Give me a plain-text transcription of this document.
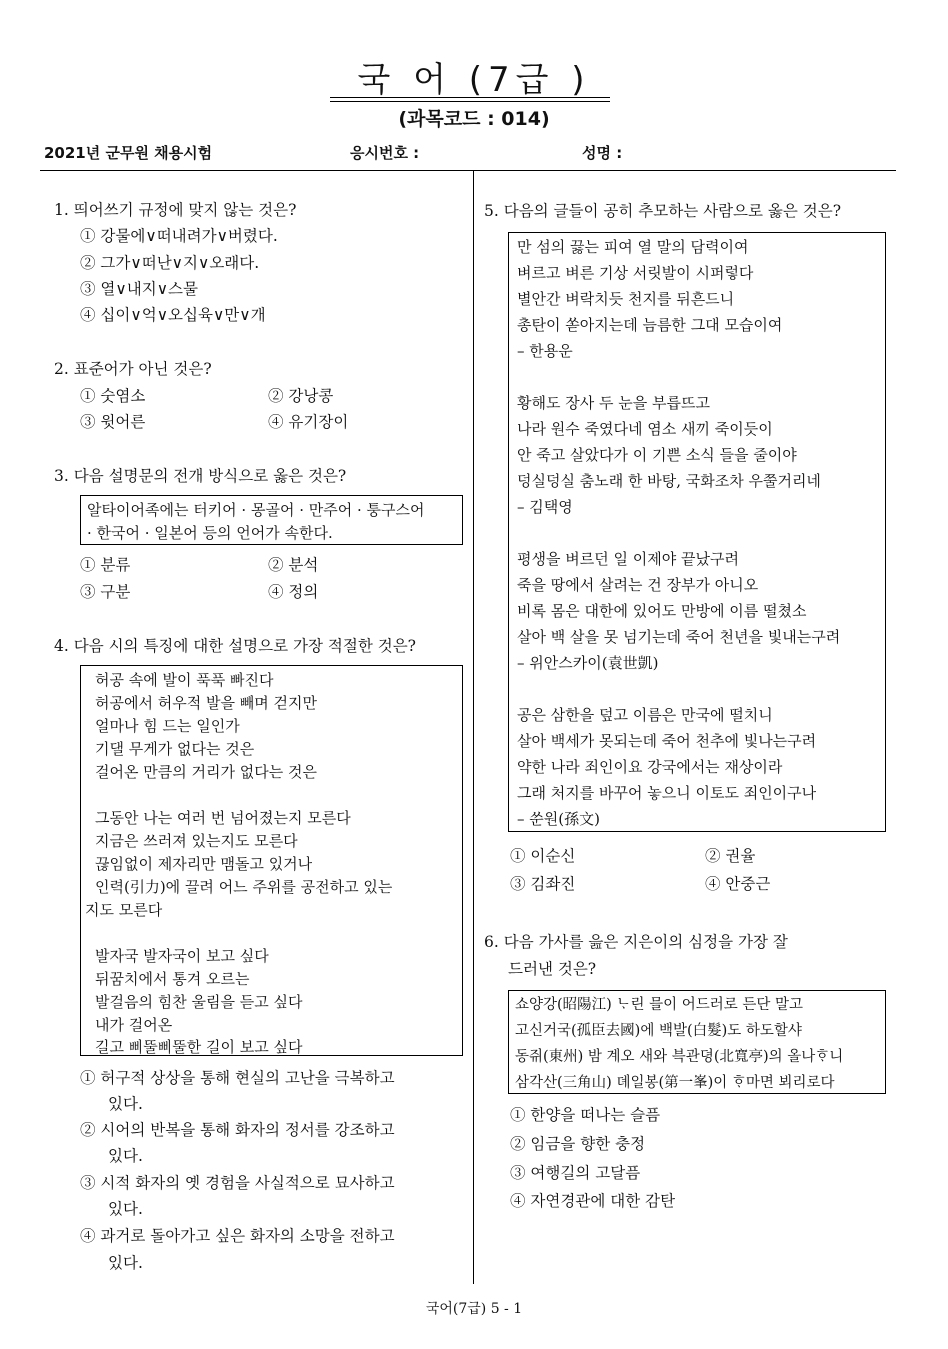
국 어 (7급 )
(과목코드 : 014)
2021년 군무원 채용시험	응시번호 :	성명 :
1. 띄어쓰기 규정에 맞지 않는 것은?
① 강물에∨떠내려가∨버렸다.
② 그가∨떠난∨지∨오래다.
③ 열∨내지∨스물
④ 십이∨억∨오십육∨만∨개
2. 표준어가 아닌 것은?
① 숫염소	② 강낭콩
③ 윗어른	④ 유기장이
3. 다음 설명문의 전개 방식으로 옳은 것은?
알타이어족에는 터키어 · 몽골어 · 만주어 · 퉁구스어
· 한국어 · 일본어 등의 언어가 속한다.
① 분류	② 분석
③ 구분	④ 정의
4. 다음 시의 특징에 대한 설명으로 가장 적절한 것은?
허공 속에 발이 푹푹 빠진다
허공에서 허우적 발을 빼며 걷지만
얼마나 힘 드는 일인가
기댈 무게가 없다는 것은
걸어온 만큼의 거리가 없다는 것은
그동안 나는 여러 번 넘어졌는지 모른다
지금은 쓰러져 있는지도 모른다
끊임없이 제자리만 맴돌고 있거나
인력(引力)에 끌려 어느 주위를 공전하고 있는
지도 모른다
발자국 발자국이 보고 싶다
뒤꿈치에서 통겨 오르는
발걸음의 힘찬 울림을 듣고 싶다
내가 걸어온
길고 삐뚤삐뚤한 길이 보고 싶다
① 허구적 상상을 통해 현실의 고난을 극복하고
있다.
② 시어의 반복을 통해 화자의 정서를 강조하고
있다.
③ 시적 화자의 옛 경험을 사실적으로 묘사하고
있다.
④ 과거로 돌아가고 싶은 화자의 소망을 전하고
있다.
5. 다음의 글들이 공히 추모하는 사람으로 옳은 것은?
만 섬의 끓는 피여 열 말의 담력이여
벼르고 벼른 기상 서릿발이 시퍼렇다
별안간 벼락치듯 천지를 뒤흔드니
총탄이 쏟아지는데 늠름한 그대 모습이여
– 한용운
황해도 장사 두 눈을 부릅뜨고
나라 원수 죽였다네 염소 새끼 죽이듯이
안 죽고 살았다가 이 기쁜 소식 들을 줄이야
덩실덩실 춤노래 한 바탕, 국화조차 우쭐거리네
– 김택영
평생을 벼르던 일 이제야 끝났구려
죽을 땅에서 살려는 건 장부가 아니오
비록 몸은 대한에 있어도 만방에 이름 떨쳤소
살아 백 살을 못 넘기는데 죽어 천년을 빛내는구려
– 위안스카이(袁世凱)
공은 삼한을 덮고 이름은 만국에 떨치니
살아 백세가 못되는데 죽어 천추에 빛나는구려
약한 나라 죄인이요 강국에서는 재상이라
그래 처지를 바꾸어 놓으니 이토도 죄인이구나
– 쑨원(孫文)
① 이순신	② 권율
③ 김좌진	④ 안중근
6. 다음 가사를 읊은 지은이의 심정을 가장 잘
드러낸 것은?
쇼양강(昭陽江) ᄂᆞ린 믈이 어드러로 든단 말고
고신거국(孤臣去國)에 백발(白髮)도 하도할샤
동ᄌᆔ(東州) 밤 계오 새와 븍관뎡(北寬亭)의 올나ᄒᆞ니
삼각산(三角山) 뎨일봉(第一峯)이 ᄒᆞ마면 뵈리로다
① 한양을 떠나는 슬픔
② 임금을 향한 충정
③ 여행길의 고달픔
④ 자연경관에 대한 감탄
국어(7급) 5 - 1
